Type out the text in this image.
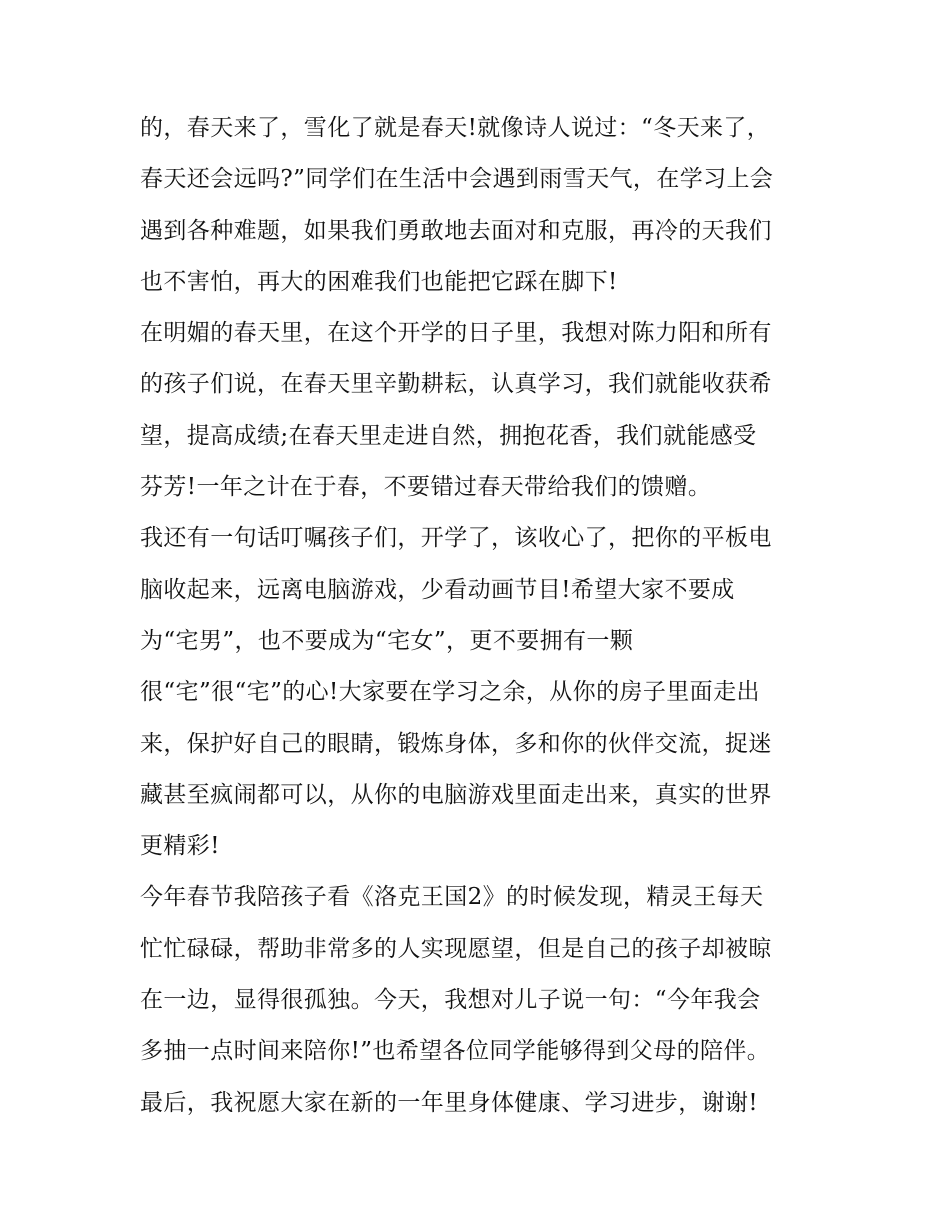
的，春天来了，雪化了就是春天!就像诗人说过：“冬天来了，
春天还会远吗?”同学们在生活中会遇到雨雪天气，在学习上会
遇到各种难题，如果我们勇敢地去面对和克服，再冷的天我们
也不害怕，再大的困难我们也能把它踩在脚下!
在明媚的春天里，在这个开学的日子里，我想对陈力阳和所有
的孩子们说，在春天里辛勤耕耘，认真学习，我们就能收获希
望，提高成绩;在春天里走进自然，拥抱花香，我们就能感受
芬芳!一年之计在于春，不要错过春天带给我们的馈赠。
我还有一句话叮嘱孩子们，开学了，该收心了，把你的平板电
脑收起来，远离电脑游戏，少看动画节目!希望大家不要成
为“宅男”，也不要成为“宅女”，更不要拥有一颗
很“宅”很“宅”的心!大家要在学习之余，从你的房子里面走出
来，保护好自己的眼睛，锻炼身体，多和你的伙伴交流，捉迷
藏甚至疯闹都可以，从你的电脑游戏里面走出来，真实的世界
更精彩!
今年春节我陪孩子看《洛克王国2》的时候发现，精灵王每天
忙忙碌碌，帮助非常多的人实现愿望，但是自己的孩子却被晾
在一边，显得很孤独。今天，我想对儿子说一句：“今年我会
多抽一点时间来陪你!”也希望各位同学能够得到父母的陪伴。
最后，我祝愿大家在新的一年里身体健康、学习进步，谢谢!
